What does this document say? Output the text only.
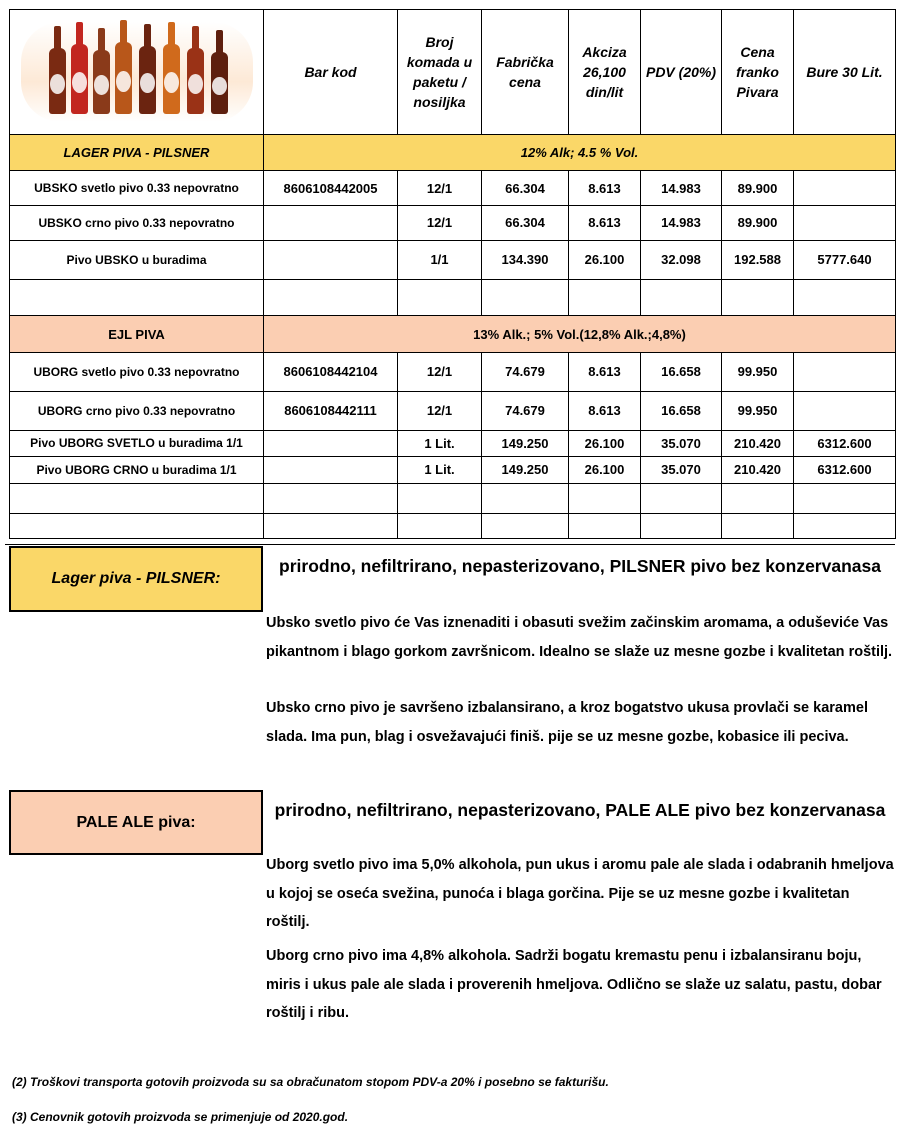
	Bar kod	Broj komada u paketu / nosiljka	Fabrička cena	Akciza 26,100 din/lit	PDV (20%)	Cena franko Pivara	Bure 30 Lit.
LAGER PIVA - PILSNER	12% Alk; 4.5 % Vol.						
UBSKO svetlo pivo 0.33 nepovratno	8606108442005	12/1	66.304	8.613	14.983	89.900	
UBSKO crno pivo 0.33 nepovratno		12/1	66.304	8.613	14.983	89.900	
Pivo UBSKO u buradima		1/1	134.390	26.100	32.098	192.588	5777.640

EJL PIVA	13% Alk.; 5% Vol.(12,8% Alk.;4,8%)						
UBORG svetlo pivo 0.33 nepovratno	8606108442104	12/1	74.679	8.613	16.658	99.950	
UBORG crno pivo 0.33 nepovratno	8606108442111	12/1	74.679	8.613	16.658	99.950	
Pivo UBORG SVETLO u buradima 1/1		1 Lit.	149.250	26.100	35.070	210.420	6312.600
Pivo UBORG CRNO u buradima 1/1		1 Lit.	149.250	26.100	35.070	210.420	6312.600

Lager piva - PILSNER:
prirodno, nefiltrirano, nepasterizovano, PILSNER pivo bez konzervanasa

Ubsko svetlo pivo će Vas iznenaditi i obasuti svežim začinskim aromama, a oduševiće Vas pikantnom i blago gorkom završnicom. Idealno se slaže uz mesne gozbe i kvalitetan roštilj.

Ubsko crno pivo je savršeno izbalansirano, a kroz bogatstvo ukusa provlači se karamel slada. Ima pun, blag i osvežavajući finiš. pije se uz mesne gozbe, kobasice ili peciva.

PALE ALE piva:
prirodno, nefiltrirano, nepasterizovano, PALE ALE pivo bez konzervanasa

Uborg svetlo pivo ima 5,0% alkohola, pun ukus i aromu pale ale slada i odabranih hmeljova u kojoj se oseća svežina, punoća i blaga gorčina. Pije se uz mesne gozbe i kvalitetan roštilj.

Uborg crno pivo ima 4,8% alkohola. Sadrži bogatu kremastu penu i izbalansiranu boju, miris i ukus pale ale slada i proverenih hmeljova. Odlično se slaže uz salatu, pastu, dobar roštilj i ribu.

(2) Troškovi transporta gotovih proizvoda su sa obračunatom stopom PDV-a 20% i posebno se fakturišu.

(3) Cenovnik gotovih proizvoda se primenjuje od 2020.god.
